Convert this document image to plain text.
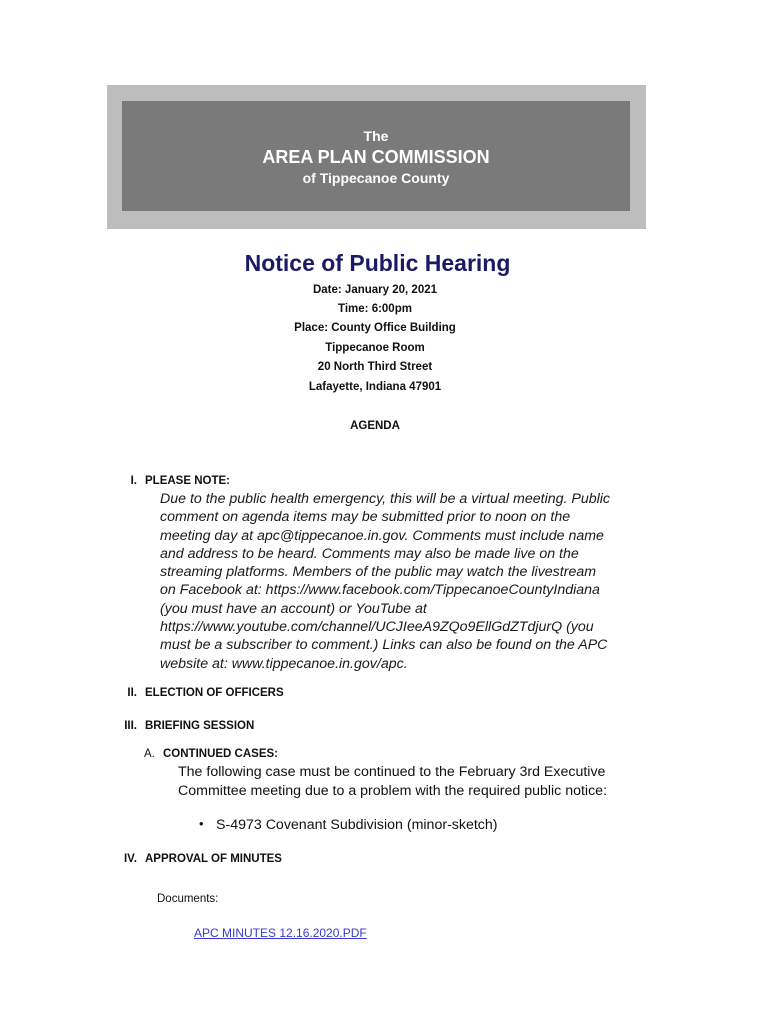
The
AREA PLAN COMMISSION
of Tippecanoe County
Notice of Public Hearing
Date: January 20, 2021
Time: 6:00pm
Place: County Office Building
Tippecanoe Room
20 North Third Street
Lafayette, Indiana 47901
AGENDA
I. PLEASE NOTE:
Due to the public health emergency, this will be a virtual meeting. Public
comment on agenda items may be submitted prior to noon on the
meeting day at apc@tippecanoe.in.gov. Comments must include name
and address to be heard. Comments may also be made live on the
streaming platforms. Members of the public may watch the livestream
on Facebook at: https://www.facebook.com/TippecanoeCountyIndiana
(you must have an account) or YouTube at
https://www.youtube.com/channel/UCJIeeA9ZQo9EllGdZTdjurQ (you
must be a subscriber to comment.) Links can also be found on the APC
website at: www.tippecanoe.in.gov/apc.
II. ELECTION OF OFFICERS
III. BRIEFING SESSION
A. CONTINUED CASES:
The following case must be continued to the February 3rd Executive
Committee meeting due to a problem with the required public notice:
• S-4973 Covenant Subdivision (minor-sketch)
IV. APPROVAL OF MINUTES
Documents:
APC MINUTES 12.16.2020.PDF
